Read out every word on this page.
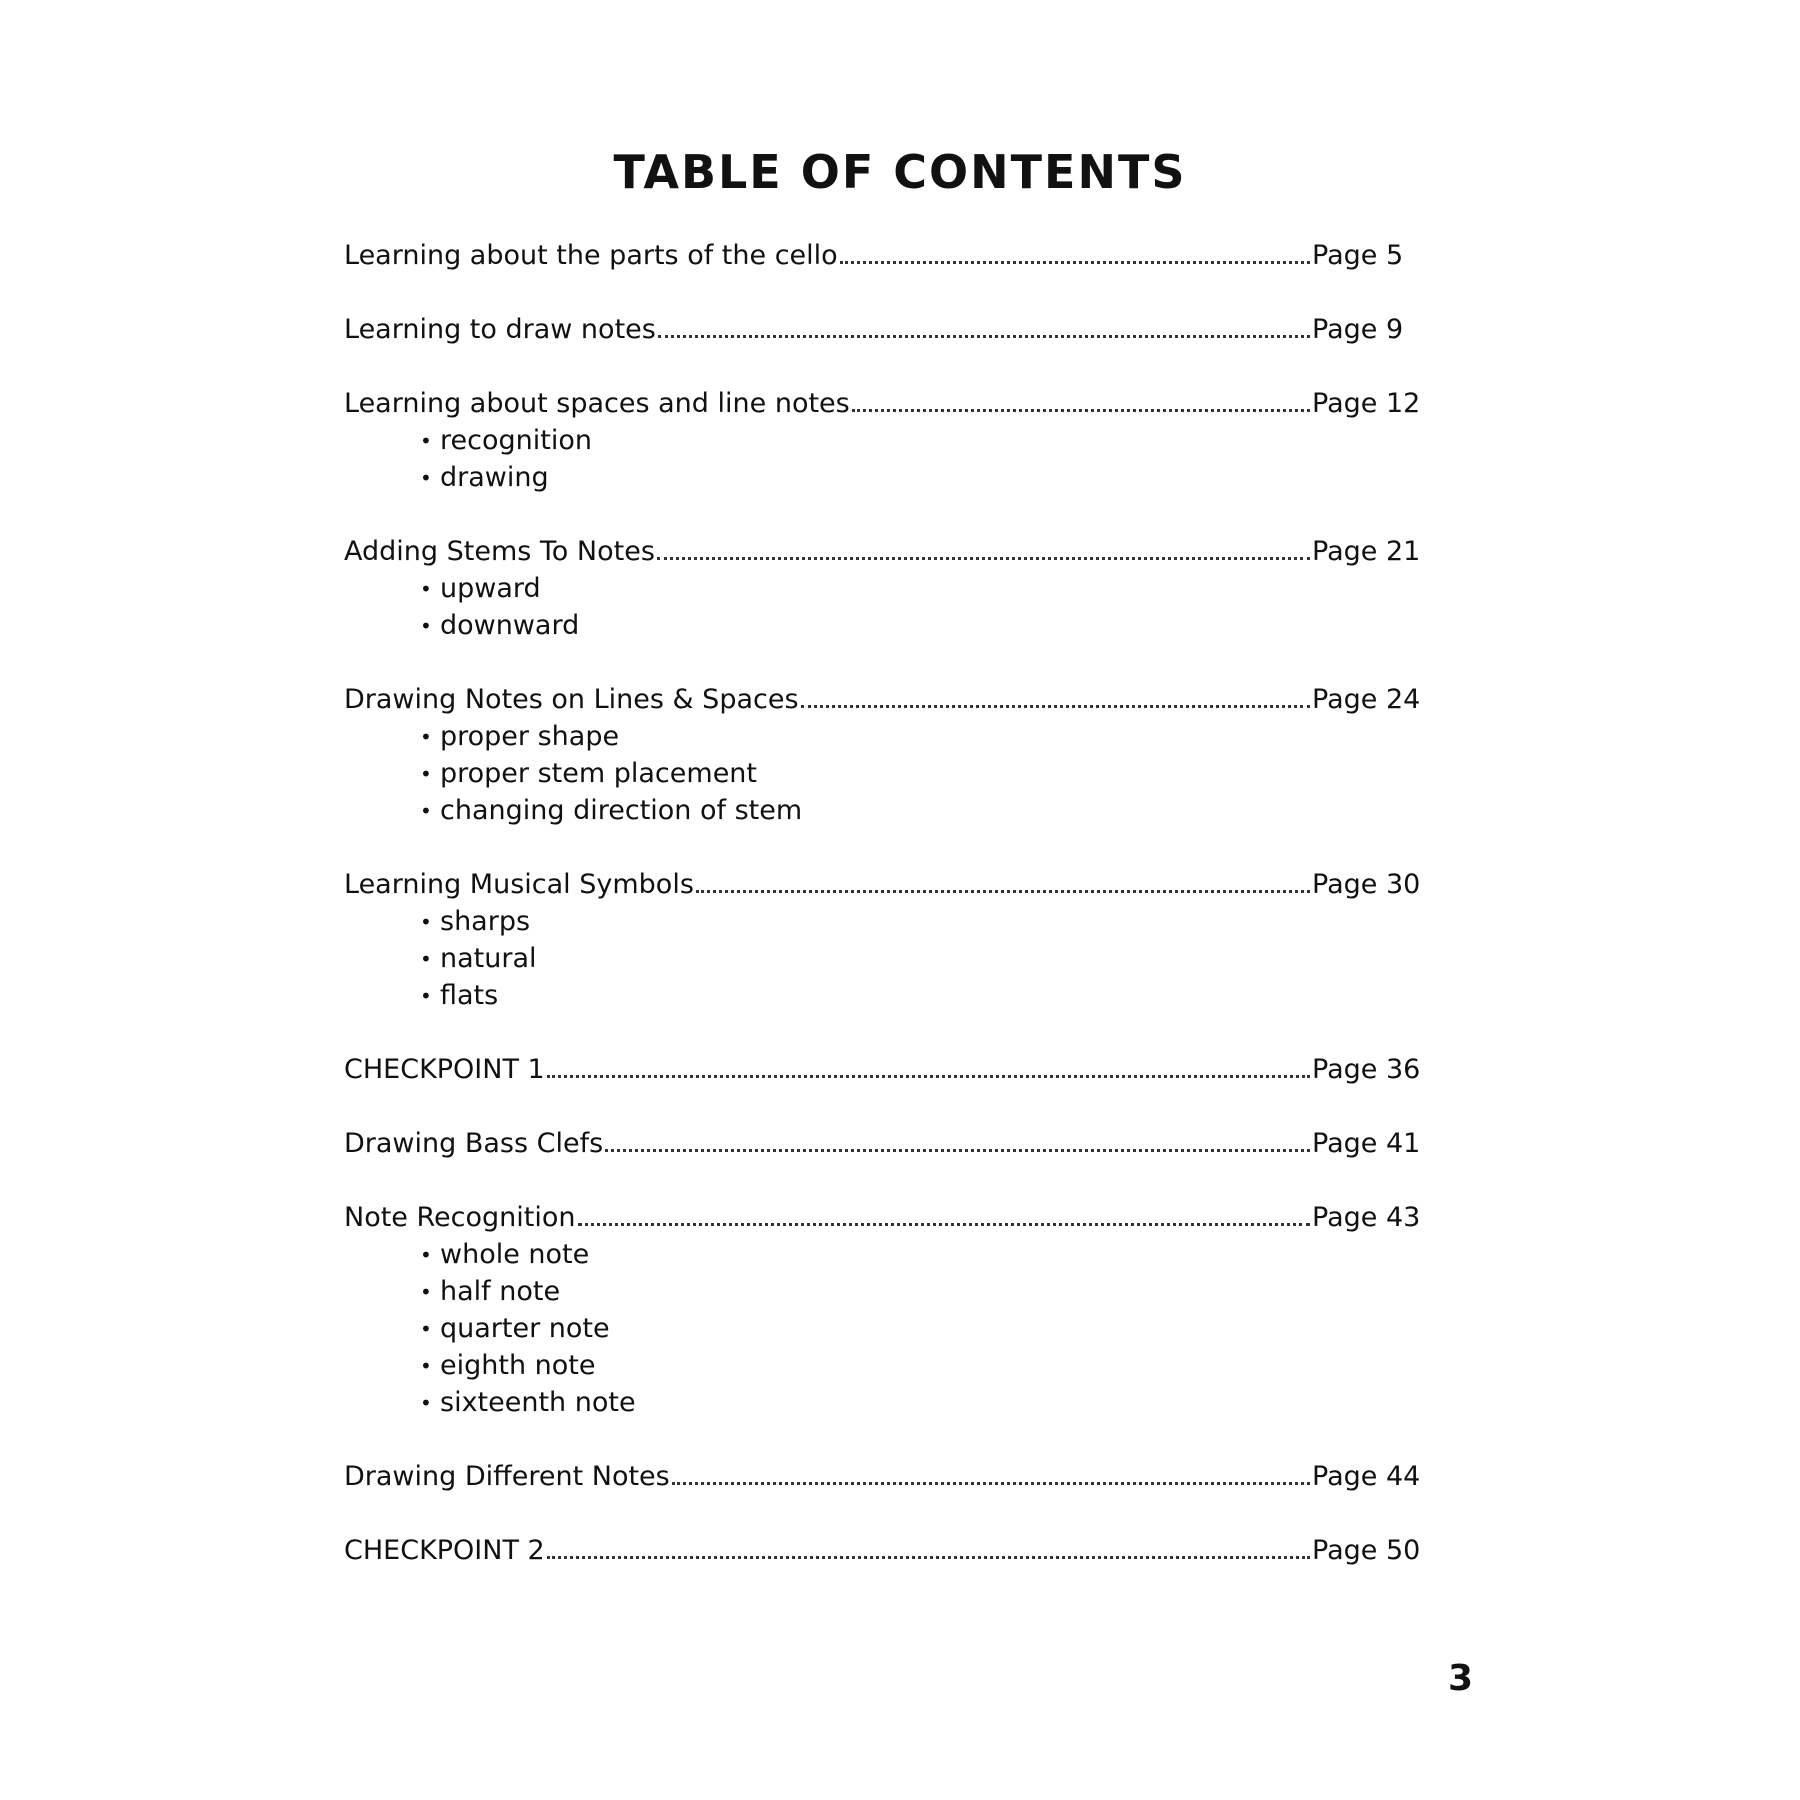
TABLE OF CONTENTS
Learning about the parts of the cello	Page 5
Learning to draw notes	Page 9
Learning about spaces and line notes	Page 12
• recognition
• drawing
Adding Stems To Notes	Page 21
• upward
• downward
Drawing Notes on Lines & Spaces	Page 24
• proper shape
• proper stem placement
• changing direction of stem
Learning Musical Symbols	Page 30
• sharps
• natural
• flats
CHECKPOINT 1	Page 36
Drawing Bass Clefs	Page 41
Note Recognition	Page 43
• whole note
• half note
• quarter note
• eighth note
• sixteenth note
Drawing Different Notes	Page 44
CHECKPOINT 2	Page 50
3
